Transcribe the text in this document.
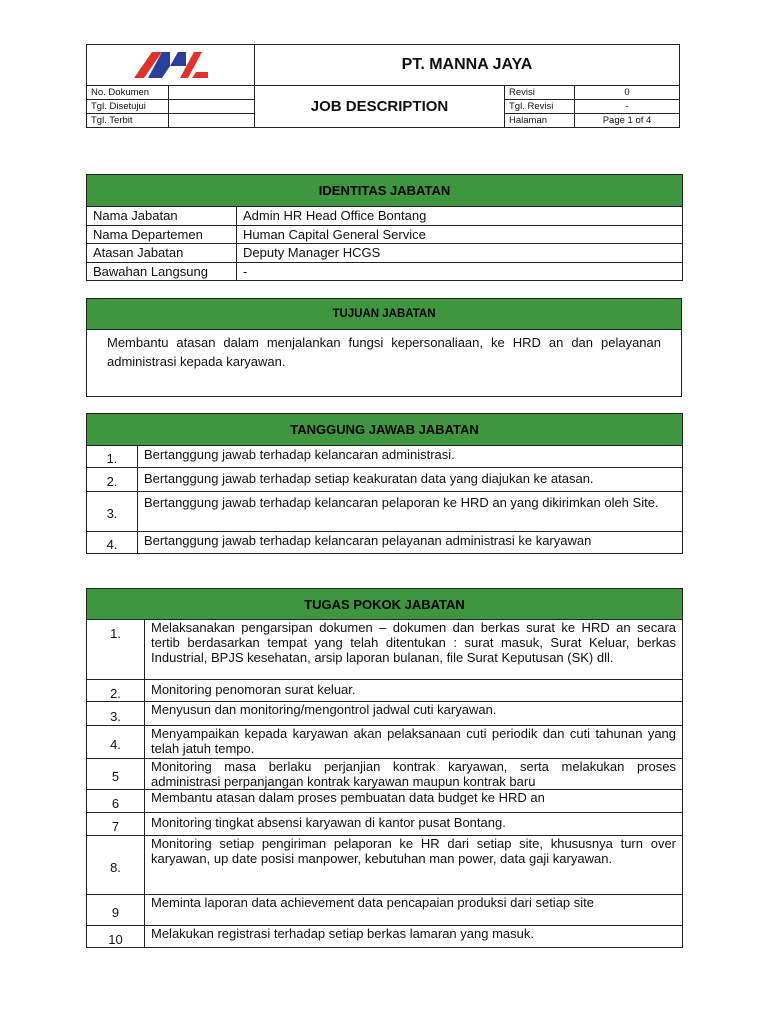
	PT. MANNA JAYA		
No. Dokumen		JOB DESCRIPTION	Revisi	0
Tgl. Disetujui			Tgl. Revisi	-
Tgl. Terbit			Halaman	Page 1 of 4
IDENTITAS JABATAN	
Nama Jabatan	Admin HR Head Office Bontang
Nama Departemen	Human Capital General Service
Atasan Jabatan	Deputy Manager HCGS
Bawahan Langsung	-
TUJUAN JABATAN
Membantu atasan dalam menjalankan fungsi kepersonaliaan, ke HRD an dan pelayanan administrasi kepada karyawan.
TANGGUNG JAWAB JABATAN	
1.	Bertanggung jawab terhadap kelancaran administrasi.
2.	Bertanggung jawab terhadap setiap keakuratan data yang diajukan ke atasan.
3.	Bertanggung jawab terhadap kelancaran pelaporan ke HRD an yang dikirimkan oleh Site.
4.	Bertanggung jawab terhadap kelancaran pelayanan administrasi ke karyawan
TUGAS POKOK JABATAN	
1.	Melaksanakan pengarsipan dokumen – dokumen dan berkas surat ke HRD an secara tertib berdasarkan tempat yang telah ditentukan : surat masuk, Surat Keluar, berkas Industrial, BPJS kesehatan, arsip laporan bulanan, file Surat Keputusan (SK) dll.
2.	Monitoring penomoran surat keluar.
3.	Menyusun dan monitoring/mengontrol jadwal cuti karyawan.
4.	Menyampaikan kepada karyawan akan pelaksanaan cuti periodik dan cuti tahunan yang telah jatuh tempo.
5	Monitoring masa berlaku perjanjian kontrak karyawan, serta melakukan proses administrasi perpanjangan kontrak karyawan maupun kontrak baru
6	Membantu atasan dalam proses pembuatan data budget ke HRD an
7	Monitoring tingkat absensi karyawan di kantor pusat Bontang.
8.	Monitoring setiap pengiriman pelaporan ke HR dari setiap site, khususnya turn over karyawan, up date posisi manpower, kebutuhan man power, data gaji karyawan.
9	Meminta laporan data achievement data pencapaian produksi dari setiap site
10	Melakukan registrasi terhadap setiap berkas lamaran yang masuk.
